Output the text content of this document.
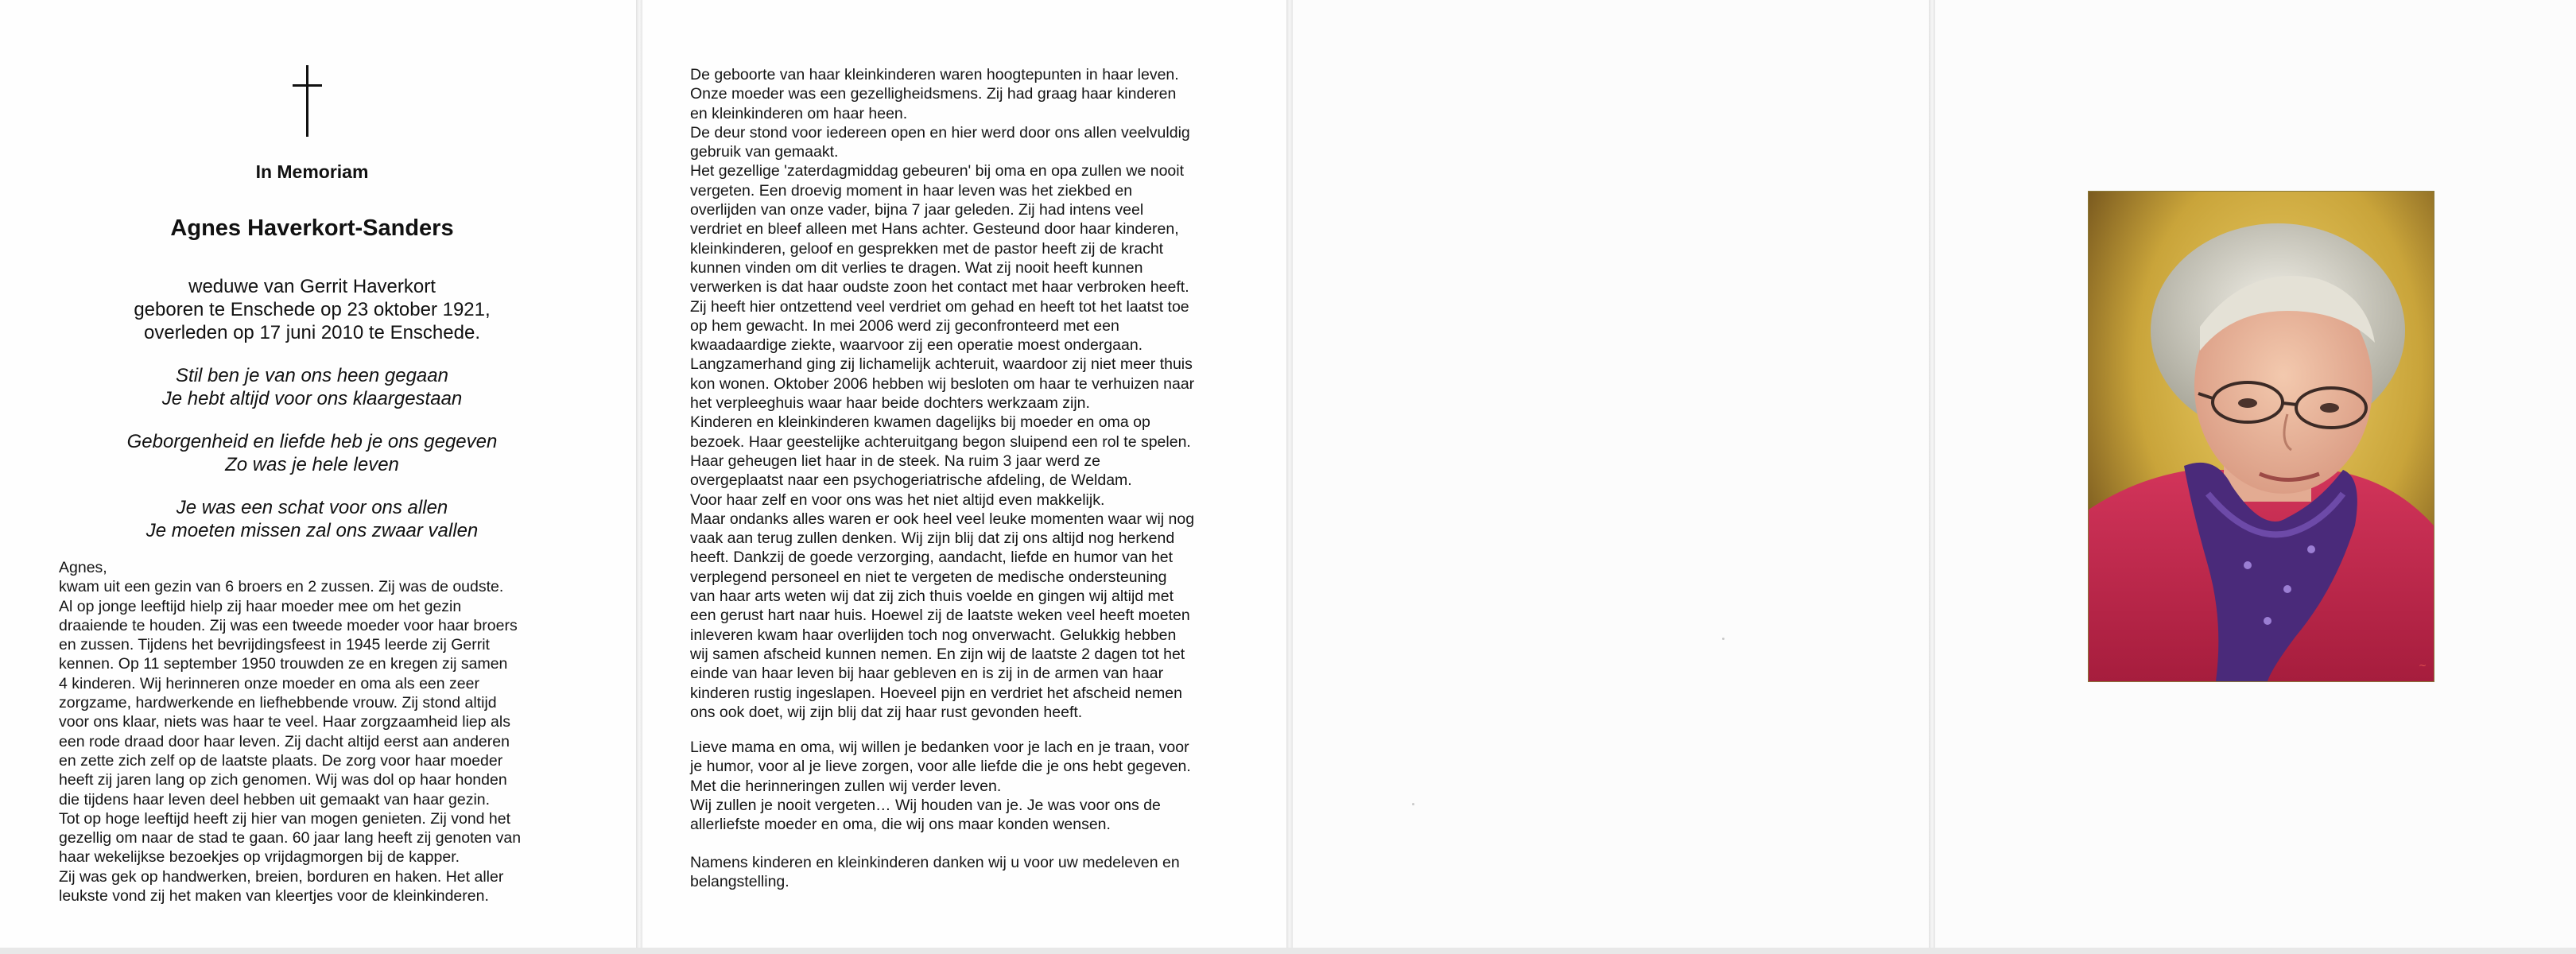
In Memoriam
Agnes Haverkort-Sanders
weduwe van Gerrit Haverkort
geboren te Enschede op 23 oktober 1921,
overleden op 17 juni 2010 te Enschede.
Stil ben je van ons heen gegaan
Je hebt altijd voor ons klaargestaan
Geborgenheid en liefde heb je ons gegeven
Zo was je hele leven
Je was een schat voor ons allen
Je moeten missen zal ons zwaar vallen
Agnes,
kwam uit een gezin van 6 broers en 2 zussen. Zij was de oudste.
Al op jonge leeftijd hielp zij haar moeder mee om het gezin
draaiende te houden. Zij was een tweede moeder voor haar broers
en zussen. Tijdens het bevrijdingsfeest in 1945 leerde zij Gerrit
kennen. Op 11 september 1950 trouwden ze en kregen zij samen
4 kinderen. Wij herinneren onze moeder en oma als een zeer
zorgzame, hardwerkende en liefhebbende vrouw. Zij stond altijd
voor ons klaar, niets was haar te veel. Haar zorgzaamheid liep als
een rode draad door haar leven. Zij dacht altijd eerst aan anderen
en zette zich zelf op de laatste plaats. De zorg voor haar moeder
heeft zij jaren lang op zich genomen. Wij was dol op haar honden
die tijdens haar leven deel hebben uit gemaakt van haar gezin.
Tot op hoge leeftijd heeft zij hier van mogen genieten. Zij vond het
gezellig om naar de stad te gaan. 60 jaar lang heeft zij genoten van
haar wekelijkse bezoekjes op vrijdagmorgen bij de kapper.
Zij was gek op handwerken, breien, borduren en haken. Het aller
leukste vond zij het maken van kleertjes voor de kleinkinderen.
De geboorte van haar kleinkinderen waren hoogtepunten in haar leven.
Onze moeder was een gezelligheidsmens. Zij had graag haar kinderen
en kleinkinderen om haar heen.
De deur stond voor iedereen open en hier werd door ons allen veelvuldig
gebruik van gemaakt.
Het gezellige 'zaterdagmiddag gebeuren' bij oma en opa zullen we nooit
vergeten. Een droevig moment in haar leven was het ziekbed en
overlijden van onze vader, bijna 7 jaar geleden. Zij had intens veel
verdriet en bleef alleen met Hans achter. Gesteund door haar kinderen,
kleinkinderen, geloof en gesprekken met de pastor heeft zij de kracht
kunnen vinden om dit verlies te dragen. Wat zij nooit heeft kunnen
verwerken is dat haar oudste zoon het contact met haar verbroken heeft.
Zij heeft hier ontzettend veel verdriet om gehad en heeft tot het laatst toe
op hem gewacht. In mei 2006 werd zij geconfronteerd met een
kwaadaardige ziekte, waarvoor zij een operatie moest ondergaan.
Langzamerhand ging zij lichamelijk achteruit, waardoor zij niet meer thuis
kon wonen. Oktober 2006 hebben wij besloten om haar te verhuizen naar
het verpleeghuis waar haar beide dochters werkzaam zijn.
Kinderen en kleinkinderen kwamen dagelijks bij moeder en oma op
bezoek. Haar geestelijke achteruitgang begon sluipend een rol te spelen.
Haar geheugen liet haar in de steek. Na ruim 3 jaar werd ze
overgeplaatst naar een psychogeriatrische afdeling, de Weldam.
Voor haar zelf en voor ons was het niet altijd even makkelijk.
Maar ondanks alles waren er ook heel veel leuke momenten waar wij nog
vaak aan terug zullen denken. Wij zijn blij dat zij ons altijd nog herkend
heeft. Dankzij de goede verzorging, aandacht, liefde en humor van het
verplegend personeel en niet te vergeten de medische ondersteuning
van haar arts weten wij dat zij zich thuis voelde en gingen wij altijd met
een gerust hart naar huis. Hoewel zij de laatste weken veel heeft moeten
inleveren kwam haar overlijden toch nog onverwacht. Gelukkig hebben
wij samen afscheid kunnen nemen. En zijn wij de laatste 2 dagen tot het
einde van haar leven bij haar gebleven en is zij in de armen van haar
kinderen rustig ingeslapen. Hoeveel pijn en verdriet het afscheid nemen
ons ook doet, wij zijn blij dat zij haar rust gevonden heeft.
Lieve mama en oma, wij willen je bedanken voor je lach en je traan, voor
je humor, voor al je lieve zorgen, voor alle liefde die je ons hebt gegeven.
Met die herinneringen zullen wij verder leven.
Wij zullen je nooit vergeten… Wij houden van je. Je was voor ons de
allerliefste moeder en oma, die wij ons maar konden wensen.
Namens kinderen en kleinkinderen danken wij u voor uw medeleven en
belangstelling.
~
